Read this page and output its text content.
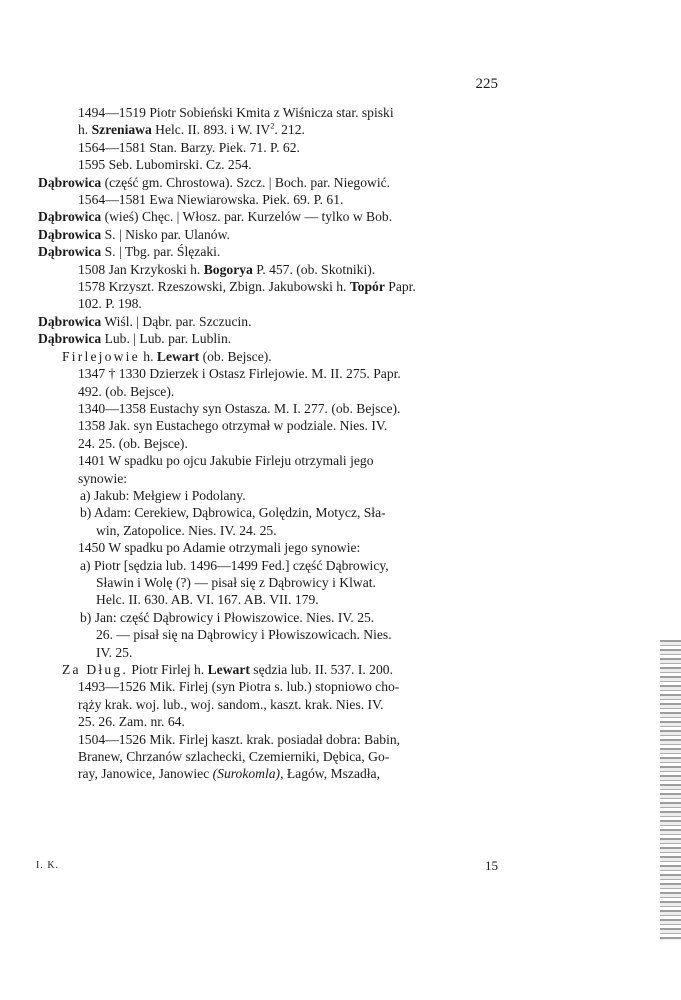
225
1494—1519 Piotr Sobieński Kmita z Wiśnicza star. spiski
h. Szreniawa Helc. II. 893. i W. $IV^2$. 212.
1564—1581 Stan. Barzy. Piek. 71. P. 62.
1595 Seb. Lubomirski. Cz. 254.
Dąbrowica (część gm. Chrostowa). Szcz. | Boch. par. Niegowić.
1564—1581 Ewa Niewiarowska. Piek. 69. P. 61.
Dąbrowica (wieś) Chęc. | Włosz. par. Kurzelów — tylko w Bob.
Dąbrowica S. | Nisko par. Ulanów.
Dąbrowica S. | Tbg. par. Ślęzaki.
1508 Jan Krzykoski h. Bogorya P. 457. (ob. Skotniki).
1578 Krzyszt. Rzeszowski, Zbign. Jakubowski h. Topór Papr.
102. P. 198.
Dąbrowica Wiśl. | Dąbr. par. Szczucin.
Dąbrowica Lub. | Lub. par. Lublin.
Firlejowie h. Lewart (ob. Bejsce).
1347 † 1330 Dzierzek i Ostasz Firlejowie. M. II. 275. Papr.
492. (ob. Bejsce).
1340—1358 Eustachy syn Ostasza. M. I. 277. (ob. Bejsce).
1358 Jak. syn Eustachego otrzymał w podziale. Nies. IV.
24. 25. (ob. Bejsce).
1401 W spadku po ojcu Jakubie Firleju otrzymali jego
synowie:
a) Jakub: Mełgiew i Podolany.
b) Adam: Cerekiew, Dąbrowica, Golędzin, Motycz, Sła-
win, Zatopolice. Nies. IV. 24. 25.
1450 W spadku po Adamie otrzymali jego synowie:
a) Piotr [sędzia lub. 1496—1499 Fed.] część Dąbrowicy,
Sławin i Wolę (?) — pisał się z Dąbrowicy i Klwat.
Helc. II. 630. AB. VI. 167. AB. VII. 179.
b) Jan: część Dąbrowicy i Płowiszowice. Nies. IV. 25.
26. — pisał się na Dąbrowicy i Płowiszowicach. Nies.
IV. 25.
Za Dług. Piotr Firlej h. Lewart sędzia lub. II. 537. I. 200.
1493—1526 Mik. Firlej (syn Piotra s. lub.) stopniowo cho-
rąży krak. woj. lub., woj. sandom., kaszt. krak. Nies. IV.
25. 26. Zam. nr. 64.
1504—1526 Mik. Firlej kaszt. krak. posiadał dobra: Babin,
Branew, Chrzanów szlachecki, Czemierniki, Dębica, Go-
ray, Janowice, Janowiec (Surokomla), Łagów, Mszadła,
I. K.	15
